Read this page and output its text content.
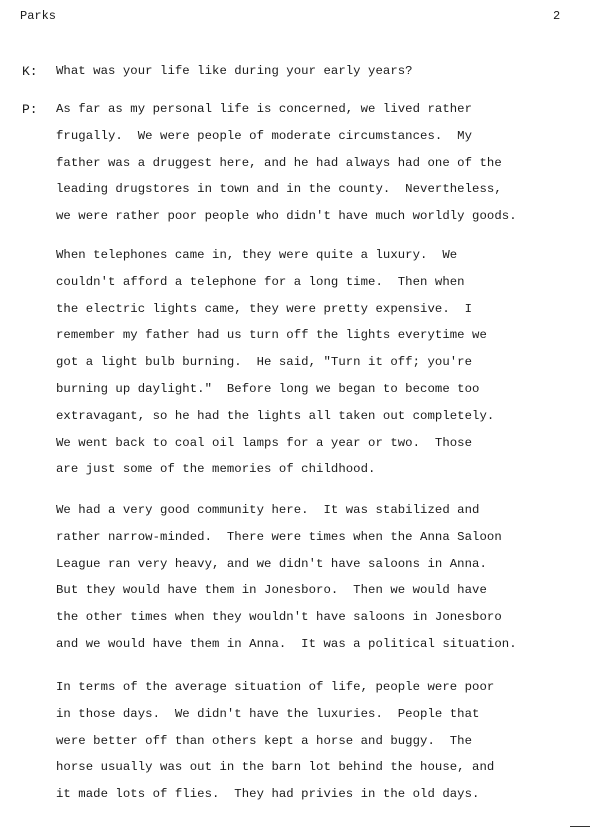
Parks	2
K: What was your life like during your early years?
P: As far as my personal life is concerned, we lived rather
frugally.  We were people of moderate circumstances.  My
father was a druggest here, and he had always had one of the
leading drugstores in town and in the county.  Nevertheless,
we were rather poor people who didn't have much worldly goods.
When telephones came in, they were quite a luxury.  We
couldn't afford a telephone for a long time.  Then when
the electric lights came, they were pretty expensive.  I
remember my father had us turn off the lights everytime we
got a light bulb burning.  He said, "Turn it off; you're
burning up daylight."  Before long we began to become too
extravagant, so he had the lights all taken out completely.
We went back to coal oil lamps for a year or two.  Those
are just some of the memories of childhood.
We had a very good community here.  It was stabilized and
rather narrow-minded.  There were times when the Anna Saloon
League ran very heavy, and we didn't have saloons in Anna.
But they would have them in Jonesboro.  Then we would have
the other times when they wouldn't have saloons in Jonesboro
and we would have them in Anna.  It was a political situation.
In terms of the average situation of life, people were poor
in those days.  We didn't have the luxuries.  People that
were better off than others kept a horse and buggy.  The
horse usually was out in the barn lot behind the house, and
it made lots of flies.  They had privies in the old days.
